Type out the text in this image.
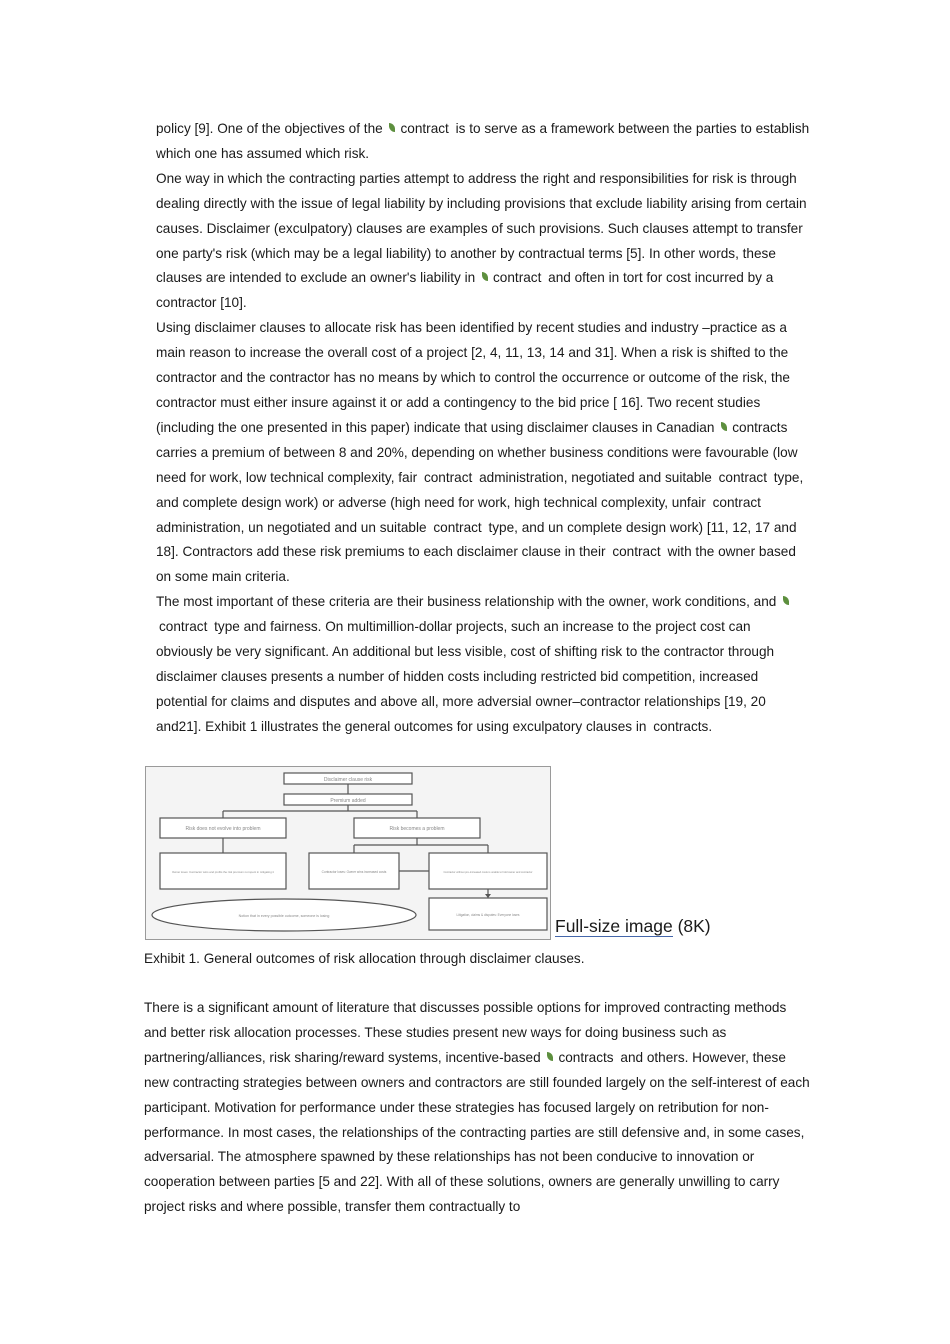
policy [9]. One of the objectives of the contract is to serve as a framework between the parties to establish which one has assumed which risk.
One way in which the contracting parties attempt to address the right and responsibilities for risk is through dealing directly with the issue of legal liability by including provisions that exclude liability arising from certain causes. Disclaimer (exculpatory) clauses are examples of such provisions. Such clauses attempt to transfer one party's risk (which may be a legal liability) to another by contractual terms [5]. In other words, these clauses are intended to exclude an owner's liability in contract and often in tort for cost incurred by a contractor [10].
Using disclaimer clauses to allocate risk has been identified by recent studies and industry –practice as a main reason to increase the overall cost of a project [2, 4, 11, 13, 14 and 31]. When a risk is shifted to the contractor and the contractor has no means by which to control the occurrence or outcome of the risk, the contractor must either insure against it or add a contingency to the bid price [ 16]. Two recent studies (including the one presented in this paper) indicate that using disclaimer clauses in Canadian contracts carries a premium of between 8 and 20%, depending on whether business conditions were favourable (low need for work, low technical complexity, fair contract administration, negotiated and suitable contract type, and complete design work) or adverse (high need for work, high technical complexity, unfair contract administration, un negotiated and un suitable contract type, and un complete design work) [11, 12, 17 and 18]. Contractors add these risk premiums to each disclaimer clause in their contract with the owner based on some main criteria.
The most important of these criteria are their business relationship with the owner, work conditions, and contract type and fairness. On multimillion-dollar projects, such an increase to the project cost can obviously be very significant. An additional but less visible, cost of shifting risk to the contractor through disclaimer clauses presents a number of hidden costs including restricted bid competition, increased potential for claims and disputes and above all, more adversial owner–contractor relationships [19, 20 and21]. Exhibit 1 illustrates the general outcomes for using exculpatory clauses in contracts.
Disclaimer clause risk
Premium added
Risk does not evolve into problem	Risk becomes a problem
Owner loses: Contractor wins and profits the risk premium not spent in mitigating it	Contractor loses: Owner wins increased costs	Contractor without pre-increased costs is unable to hold owner and contractor
Notion that in every possible outcome, someone is losing	Litigation, claims & disputes: Everyone loses
Full-size image (8K)
Exhibit 1. General outcomes of risk allocation through disclaimer clauses.
There is a significant amount of literature that discusses possible options for improved contracting methods and better risk allocation processes. These studies present new ways for doing business such as partnering/alliances, risk sharing/reward systems, incentive-based contracts and others. However, these new contracting strategies between owners and contractors are still founded largely on the self-interest of each participant. Motivation for performance under these strategies has focused largely on retribution for non-performance. In most cases, the relationships of the contracting parties are still defensive and, in some cases, adversarial. The atmosphere spawned by these relationships has not been conducive to innovation or cooperation between parties [5 and 22]. With all of these solutions, owners are generally unwilling to carry project risks and where possible, transfer them contractually to
